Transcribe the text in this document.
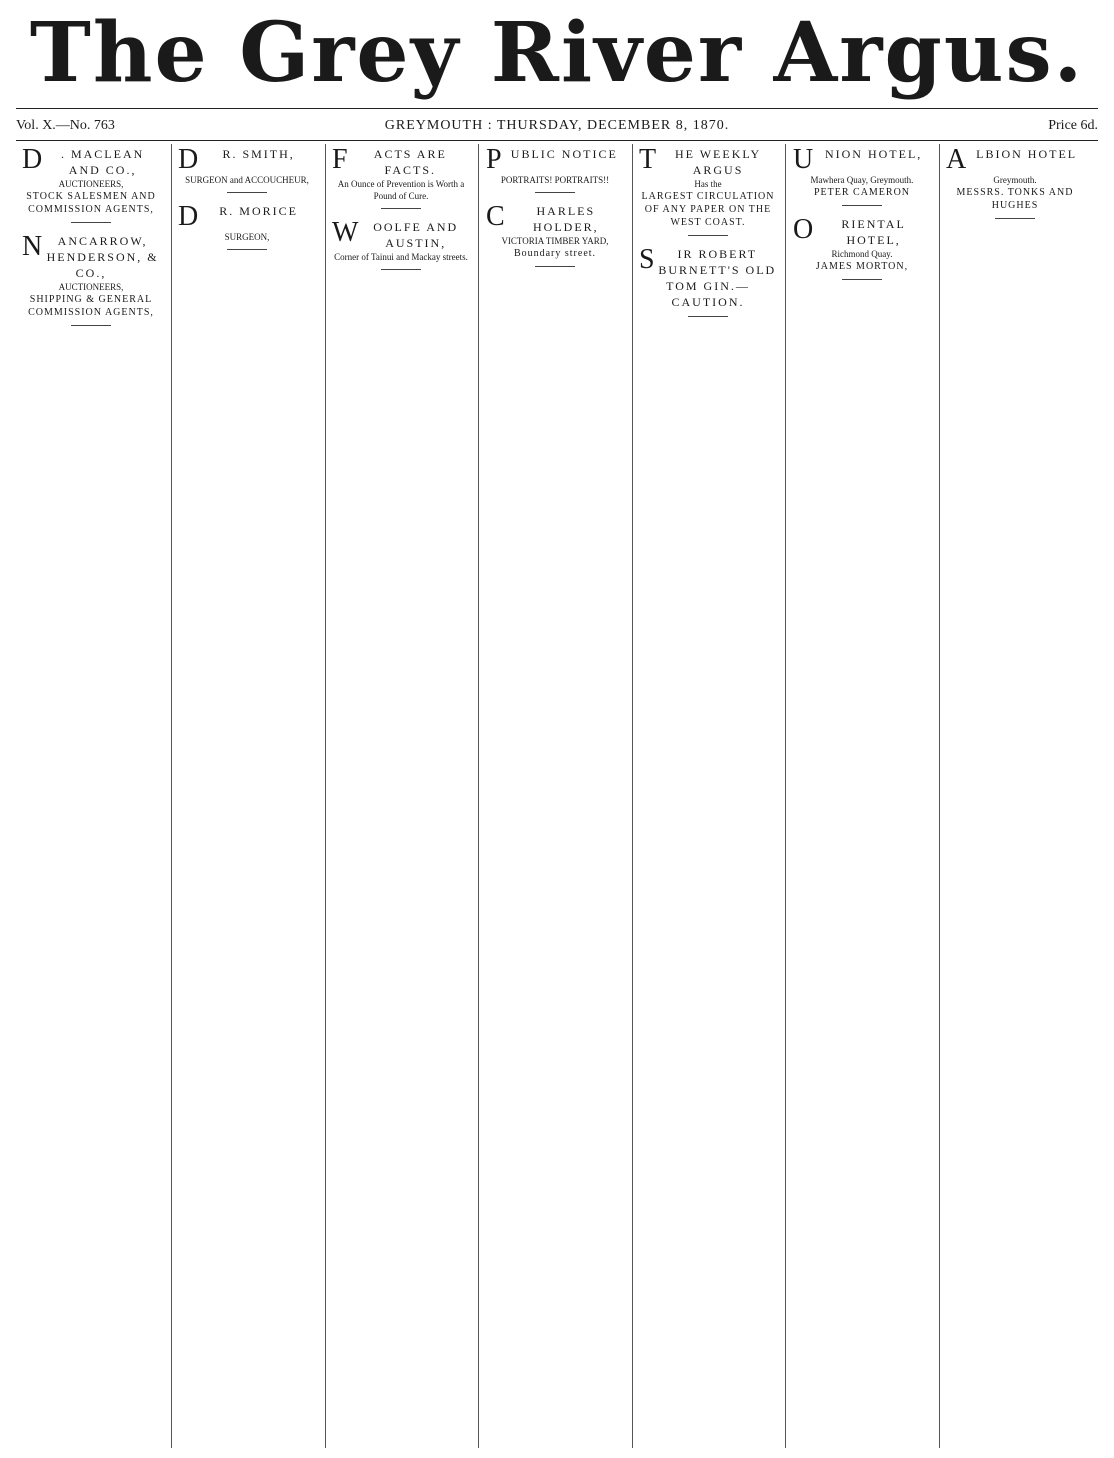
The Grey River Argus.
GREYMOUTH : THURSDAY, DECEMBER 8, 1870.
Vol. X.—No. 763	Price 6d.
D . MACLEAN AND CO.,
AUCTIONEERS,
STOCK SALESMEN AND COMMISSION AGENTS,
N ANCARROW, HENDERSON, & CO.,
AUCTIONEERS,
SHIPPING & GENERAL COMMISSION AGENTS,
D R. SMITH,
SURGEON and ACCOUCHEUR,
D R. MORICE
SURGEON,
F ACTS ARE FACTS.
An Ounce of Prevention is Worth a Pound of Cure.
W OOLFE AND AUSTIN,
Corner of Tainui and Mackay streets.
PUBLIC NOTICE
PORTRAITS! PORTRAITS!!
C	HARLES HOLDER,
VICTORIA TIMBER YARD,
Boundary street.
T HE WEEKLY ARGUS
Has the
LARGEST CIRCULATION OF ANY PAPER ON THE WEST COAST.
S IR ROBERT BURNETT'S OLD TOM GIN.—CAUTION.
UNION HOTEL,
Mawhera Quay, Greymouth.
PETER CAMERON
O RIENTAL HOTEL,
Richmond Quay.
JAMES MORTON,
ALBION HOTEL
Greymouth.
MESSRS. TONKS AND HUGHES
